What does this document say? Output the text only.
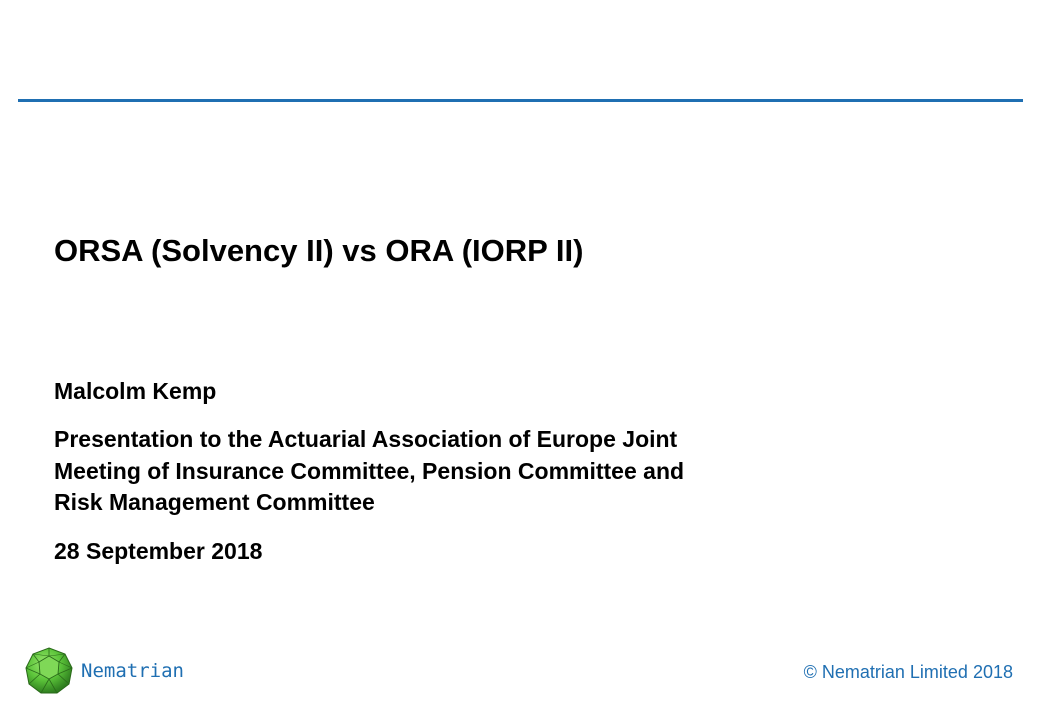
ORSA (Solvency II) vs ORA (IORP II)
Malcolm Kemp
Presentation to the Actuarial Association of Europe Joint
Meeting of Insurance Committee, Pension Committee and
Risk Management Committee
28 September 2018
Nematrian	© Nematrian Limited 2018
